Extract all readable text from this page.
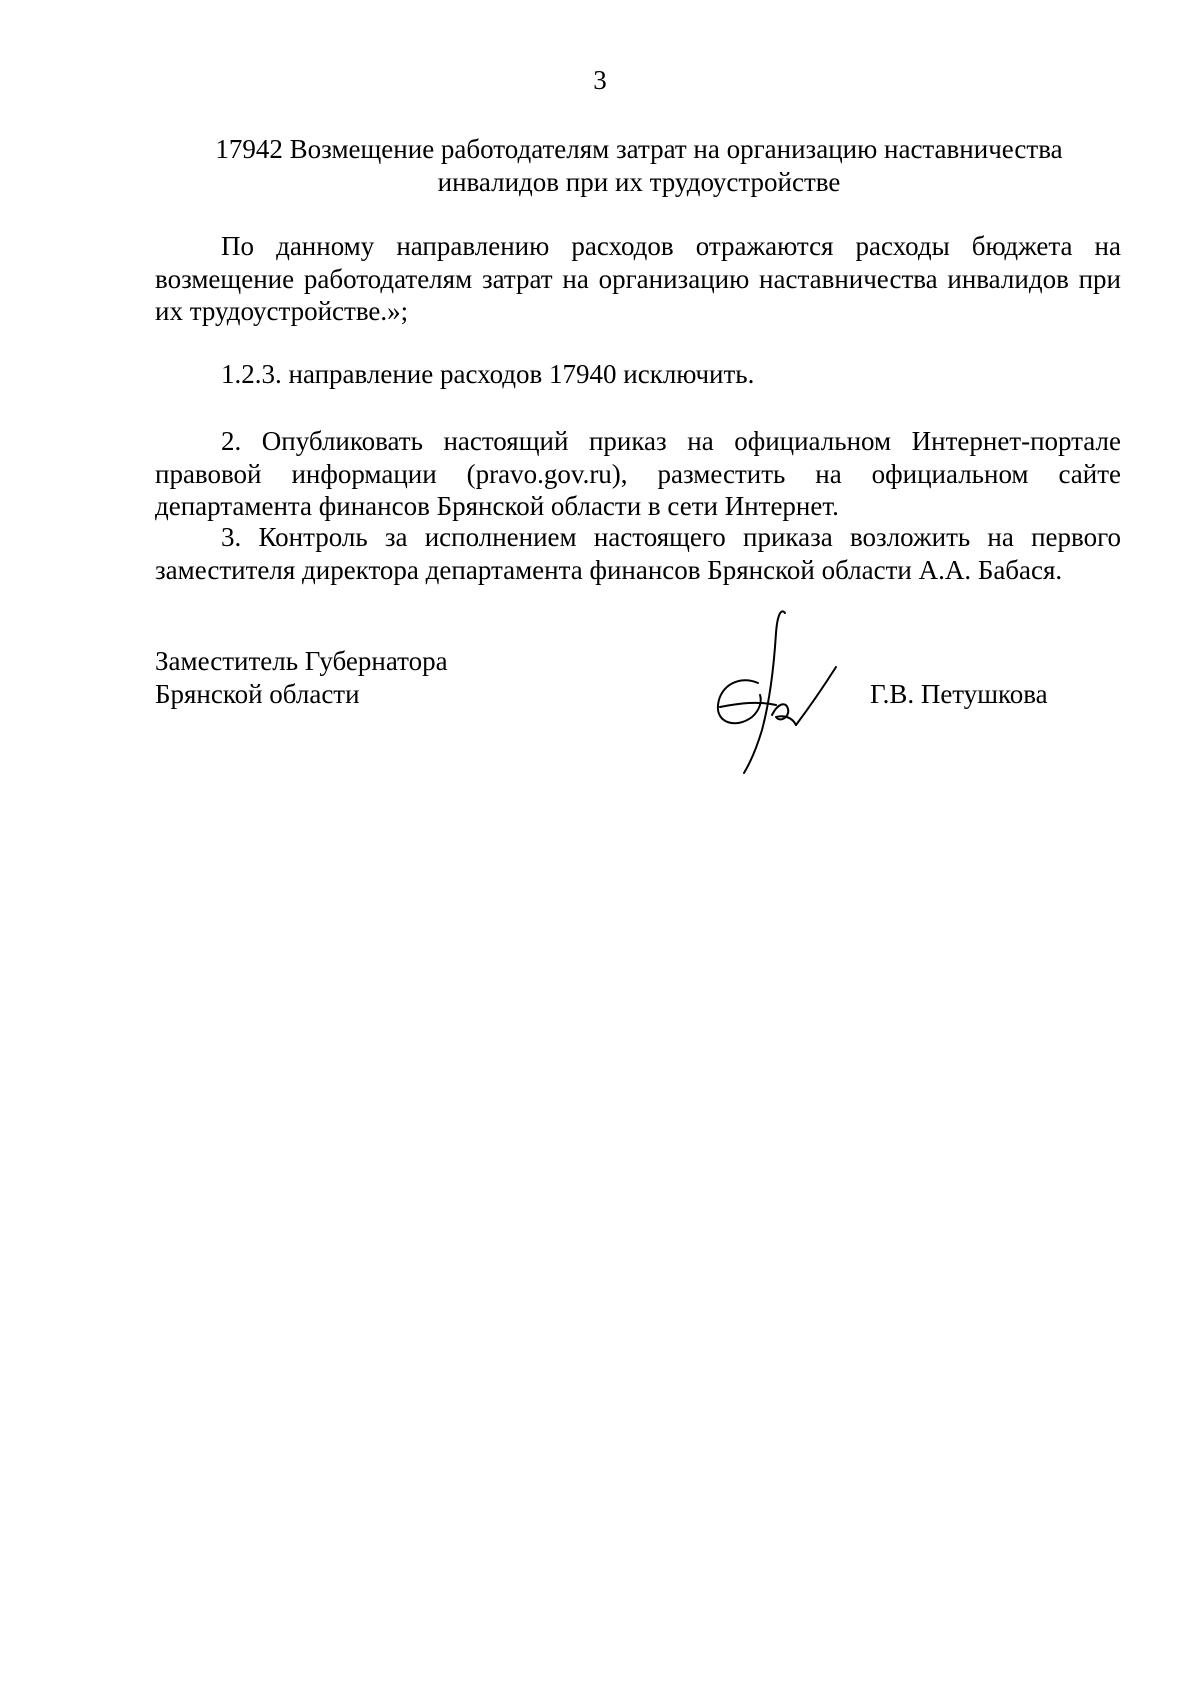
3
17942 Возмещение работодателям затрат на организацию наставничества
инвалидов при их трудоустройстве

По данному направлению расходов отражаются расходы бюджета на возмещение работодателям затрат на организацию наставничества инвалидов при их трудоустройстве.»;

1.2.3. направление расходов 17940 исключить.

2. Опубликовать настоящий приказ на официальном Интернет-портале правовой информации (pravo.gov.ru), разместить на официальном сайте департамента финансов Брянской области в сети Интернет.

3. Контроль за исполнением настоящего приказа возложить на первого заместителя директора департамента финансов Брянской области А.А. Бабася.

Заместитель Губернатора
Брянской области	Г.В. Петушкова
